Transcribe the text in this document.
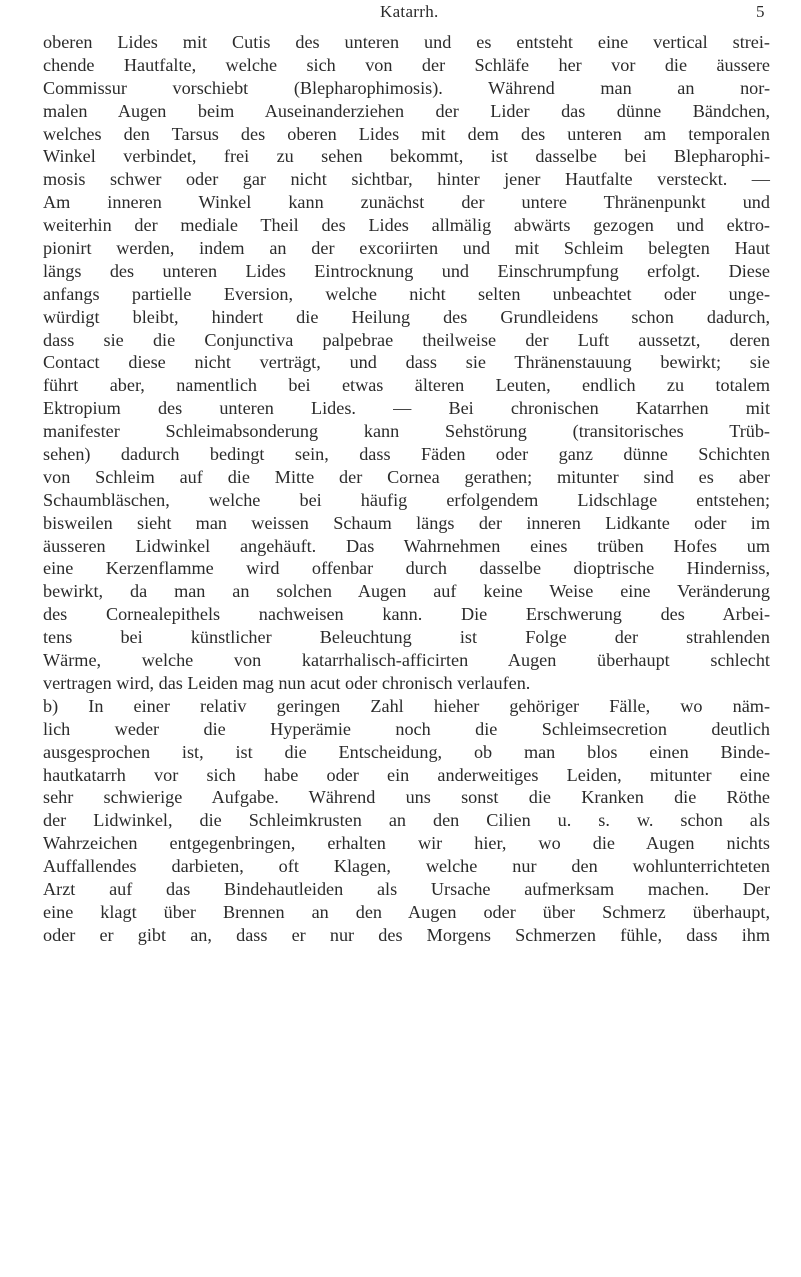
Katarrh.	5
oberen Lides mit Cutis des unteren und es entsteht eine vertical strei-
chende Hautfalte, welche sich von der Schläfe her vor die äussere
Commissur vorschiebt (Blepharophimosis). Während man an nor-
malen Augen beim Auseinanderziehen der Lider das dünne Bändchen,
welches den Tarsus des oberen Lides mit dem des unteren am temporalen
Winkel verbindet, frei zu sehen bekommt, ist dasselbe bei Blepharophi-
mosis schwer oder gar nicht sichtbar, hinter jener Hautfalte versteckt. —
Am inneren Winkel kann zunächst der untere Thränenpunkt und
weiterhin der mediale Theil des Lides allmälig abwärts gezogen und ektro-
pionirt werden, indem an der excoriirten und mit Schleim belegten Haut
längs des unteren Lides Eintrocknung und Einschrumpfung erfolgt. Diese
anfangs partielle Eversion, welche nicht selten unbeachtet oder unge-
würdigt bleibt, hindert die Heilung des Grundleidens schon dadurch,
dass sie die Conjunctiva palpebrae theilweise der Luft aussetzt, deren
Contact diese nicht verträgt, und dass sie Thränenstauung bewirkt; sie
führt aber, namentlich bei etwas älteren Leuten, endlich zu totalem
Ektropium des unteren Lides. — Bei chronischen Katarrhen mit
manifester Schleimabsonderung kann Sehstörung (transitorisches Trüb-
sehen) dadurch bedingt sein, dass Fäden oder ganz dünne Schichten
von Schleim auf die Mitte der Cornea gerathen; mitunter sind es aber
Schaumbläschen, welche bei häufig erfolgendem Lidschlage entstehen;
bisweilen sieht man weissen Schaum längs der inneren Lidkante oder im
äusseren Lidwinkel angehäuft. Das Wahrnehmen eines trüben Hofes um
eine Kerzenflamme wird offenbar durch dasselbe dioptrische Hinderniss,
bewirkt, da man an solchen Augen auf keine Weise eine Veränderung
des Cornealepithels nachweisen kann. Die Erschwerung des Arbei-
tens bei künstlicher Beleuchtung ist Folge der strahlenden
Wärme, welche von katarrhalisch-afficirten Augen überhaupt schlecht
vertragen wird, das Leiden mag nun acut oder chronisch verlaufen.
b) In einer relativ geringen Zahl hieher gehöriger Fälle, wo näm-
lich weder die Hyperämie noch die Schleimsecretion deutlich
ausgesprochen ist, ist die Entscheidung, ob man blos einen Binde-
hautkatarrh vor sich habe oder ein anderweitiges Leiden, mitunter eine
sehr schwierige Aufgabe. Während uns sonst die Kranken die Röthe
der Lidwinkel, die Schleimkrusten an den Cilien u. s. w. schon als
Wahrzeichen entgegenbringen, erhalten wir hier, wo die Augen nichts
Auffallendes darbieten, oft Klagen, welche nur den wohlunterrichteten
Arzt auf das Bindehautleiden als Ursache aufmerksam machen. Der
eine klagt über Brennen an den Augen oder über Schmerz überhaupt,
oder er gibt an, dass er nur des Morgens Schmerzen fühle, dass ihm
